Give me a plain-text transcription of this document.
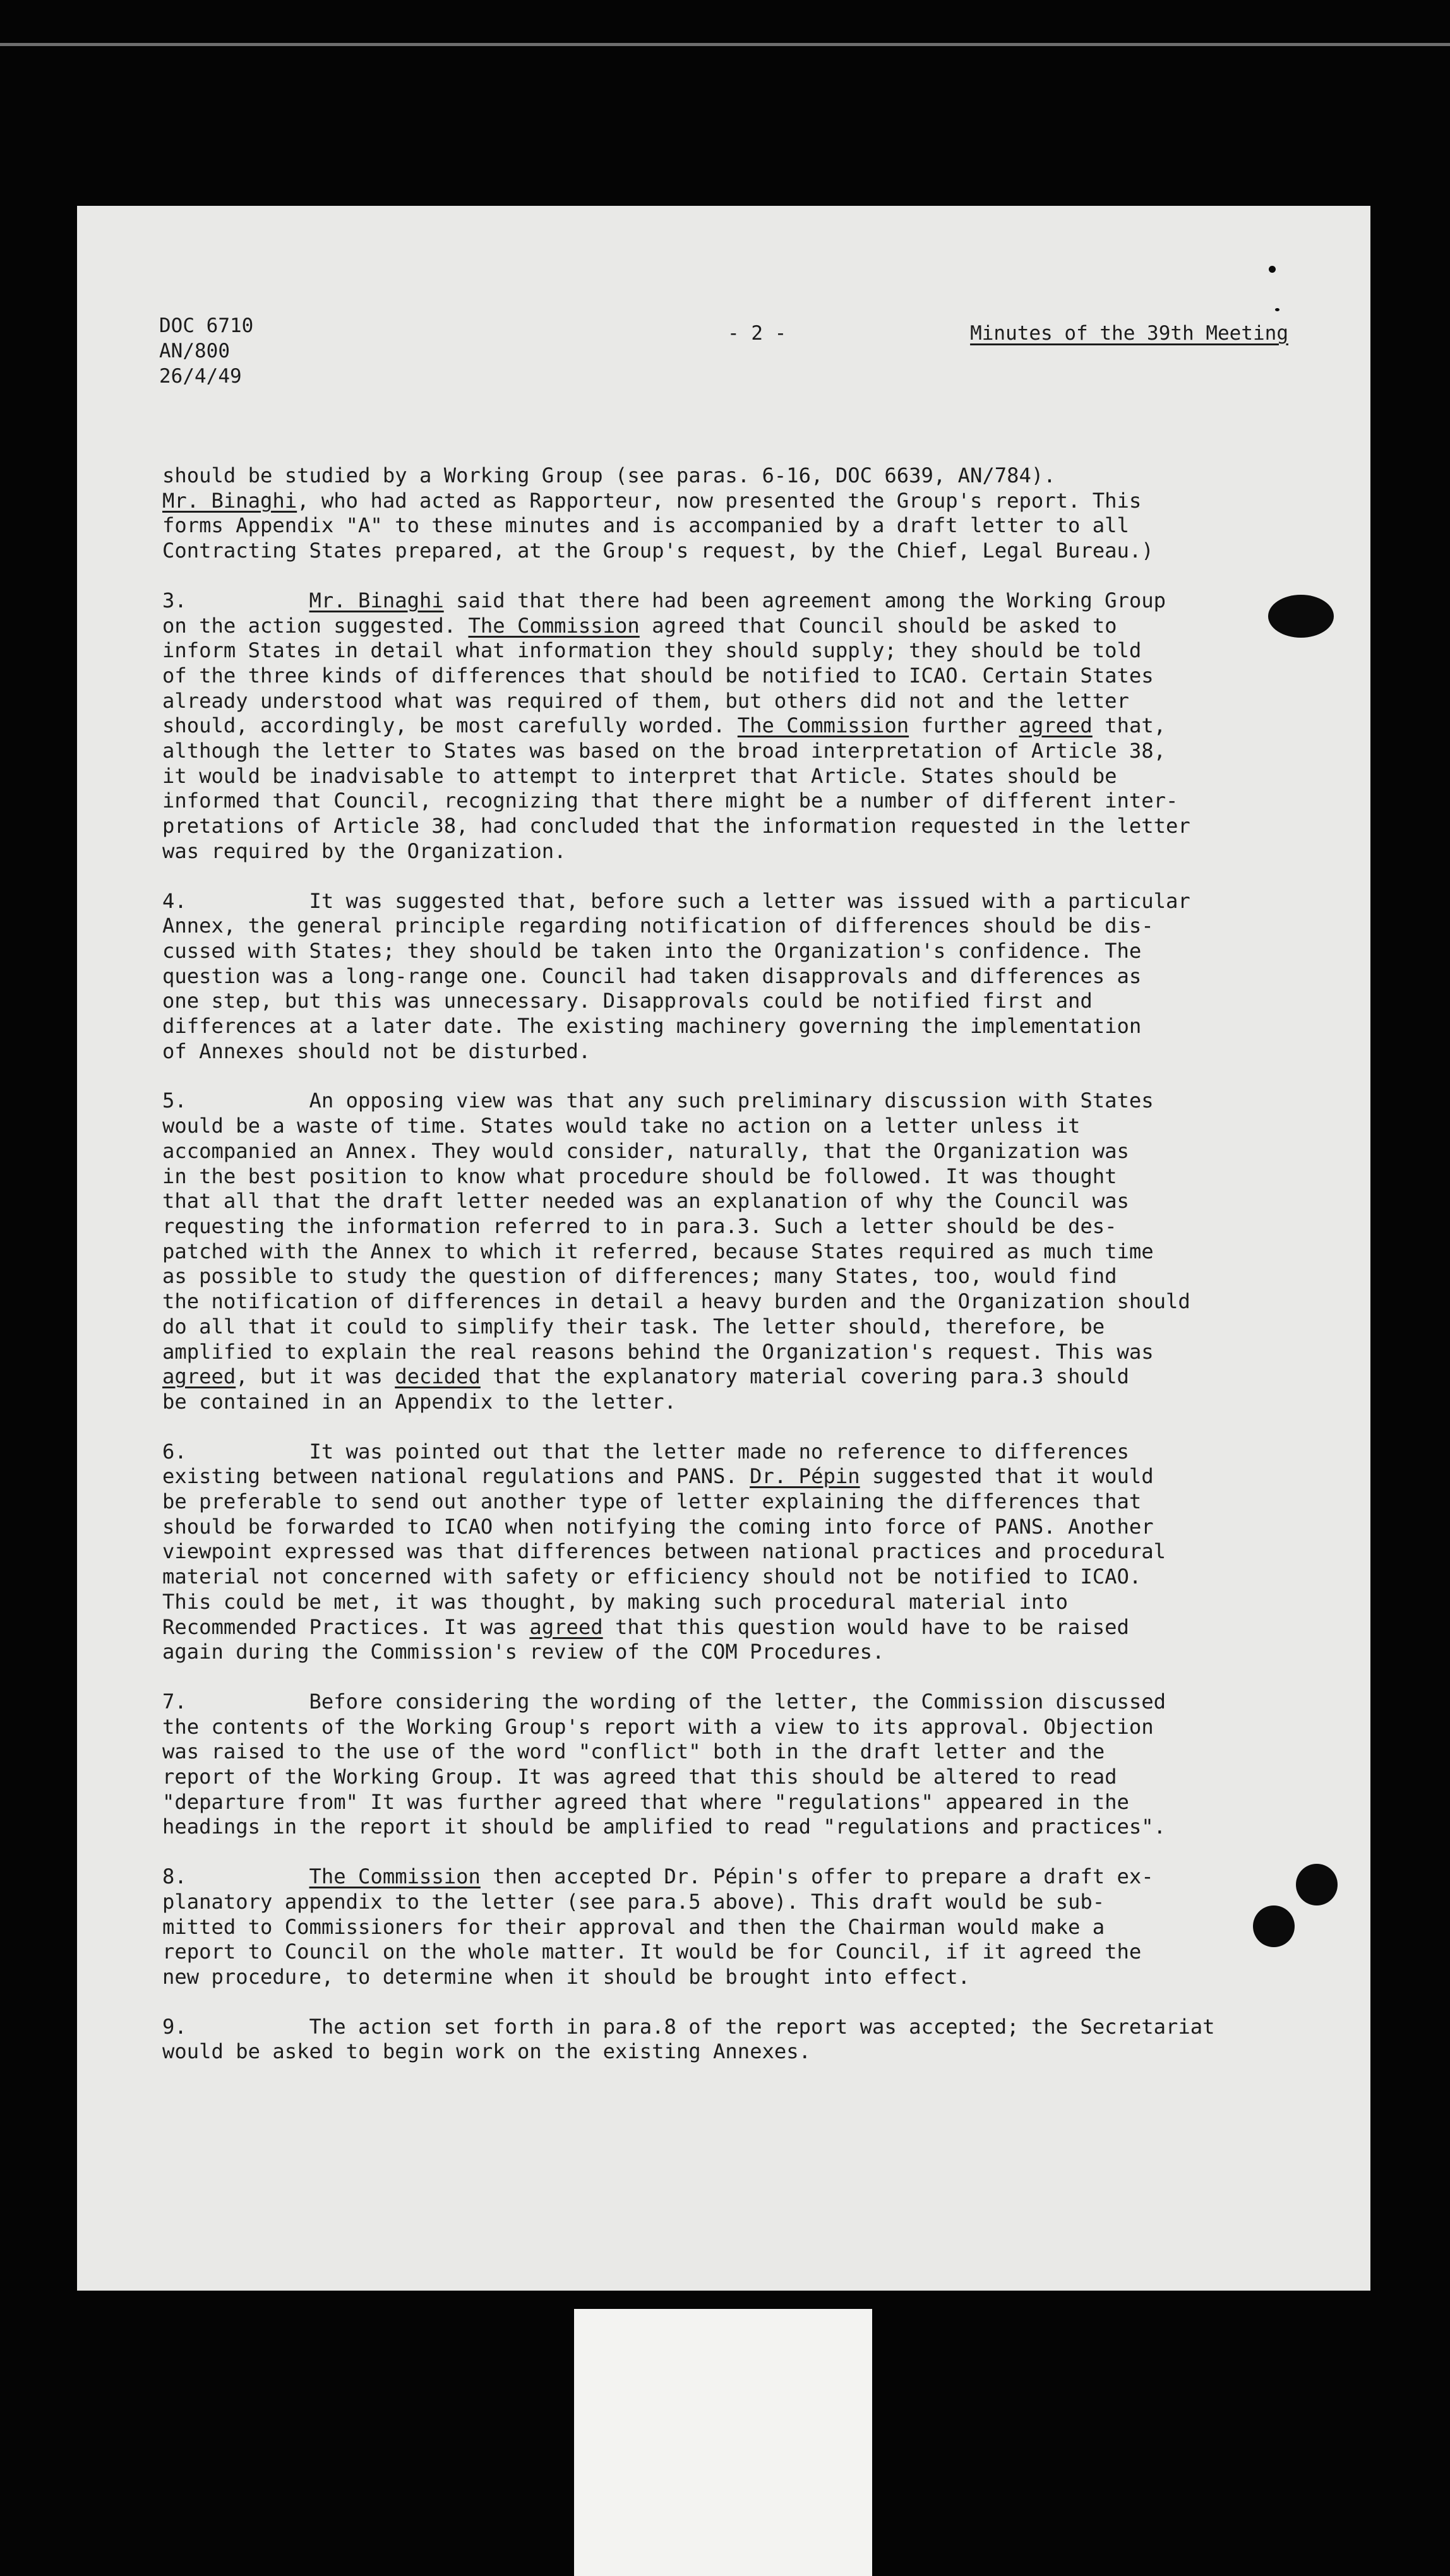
DOC 6710
AN/800
26/4/49
- 2 -	Minutes of the 39th Meeting

should be studied by a Working Group (see paras. 6-16, DOC 6639, AN/784).
Mr. Binaghi, who had acted as Rapporteur, now presented the Group's report. This
forms Appendix "A" to these minutes and is accompanied by a draft letter to all
Contracting States prepared, at the Group's request, by the Chief, Legal Bureau.)

3.          Mr. Binaghi said that there had been agreement among the Working Group
on the action suggested. The Commission agreed that Council should be asked to
inform States in detail what information they should supply; they should be told
of the three kinds of differences that should be notified to ICAO. Certain States
already understood what was required of them, but others did not and the letter
should, accordingly, be most carefully worded. The Commission further agreed that,
although the letter to States was based on the broad interpretation of Article 38,
it would be inadvisable to attempt to interpret that Article. States should be
informed that Council, recognizing that there might be a number of different inter-
pretations of Article 38, had concluded that the information requested in the letter
was required by the Organization.

4.          It was suggested that, before such a letter was issued with a particular
Annex, the general principle regarding notification of differences should be dis-
cussed with States; they should be taken into the Organization's confidence. The
question was a long-range one. Council had taken disapprovals and differences as
one step, but this was unnecessary. Disapprovals could be notified first and
differences at a later date. The existing machinery governing the implementation
of Annexes should not be disturbed.

5.          An opposing view was that any such preliminary discussion with States
would be a waste of time. States would take no action on a letter unless it
accompanied an Annex. They would consider, naturally, that the Organization was
in the best position to know what procedure should be followed. It was thought
that all that the draft letter needed was an explanation of why the Council was
requesting the information referred to in para.3. Such a letter should be des-
patched with the Annex to which it referred, because States required as much time
as possible to study the question of differences; many States, too, would find
the notification of differences in detail a heavy burden and the Organization should
do all that it could to simplify their task. The letter should, therefore, be
amplified to explain the real reasons behind the Organization's request. This was
agreed, but it was decided that the explanatory material covering para.3 should
be contained in an Appendix to the letter.

6.          It was pointed out that the letter made no reference to differences
existing between national regulations and PANS. Dr. Pépin suggested that it would
be preferable to send out another type of letter explaining the differences that
should be forwarded to ICAO when notifying the coming into force of PANS. Another
viewpoint expressed was that differences between national practices and procedural
material not concerned with safety or efficiency should not be notified to ICAO.
This could be met, it was thought, by making such procedural material into
Recommended Practices. It was agreed that this question would have to be raised
again during the Commission's review of the COM Procedures.

7.          Before considering the wording of the letter, the Commission discussed
the contents of the Working Group's report with a view to its approval. Objection
was raised to the use of the word "conflict" both in the draft letter and the
report of the Working Group. It was agreed that this should be altered to read
"departure from" It was further agreed that where "regulations" appeared in the
headings in the report it should be amplified to read "regulations and practices".

8.          The Commission then accepted Dr. Pépin's offer to prepare a draft ex-
planatory appendix to the letter (see para.5 above). This draft would be sub-
mitted to Commissioners for their approval and then the Chairman would make a
report to Council on the whole matter. It would be for Council, if it agreed the
new procedure, to determine when it should be brought into effect.

9.          The action set forth in para.8 of the report was accepted; the Secretariat
would be asked to begin work on the existing Annexes.
